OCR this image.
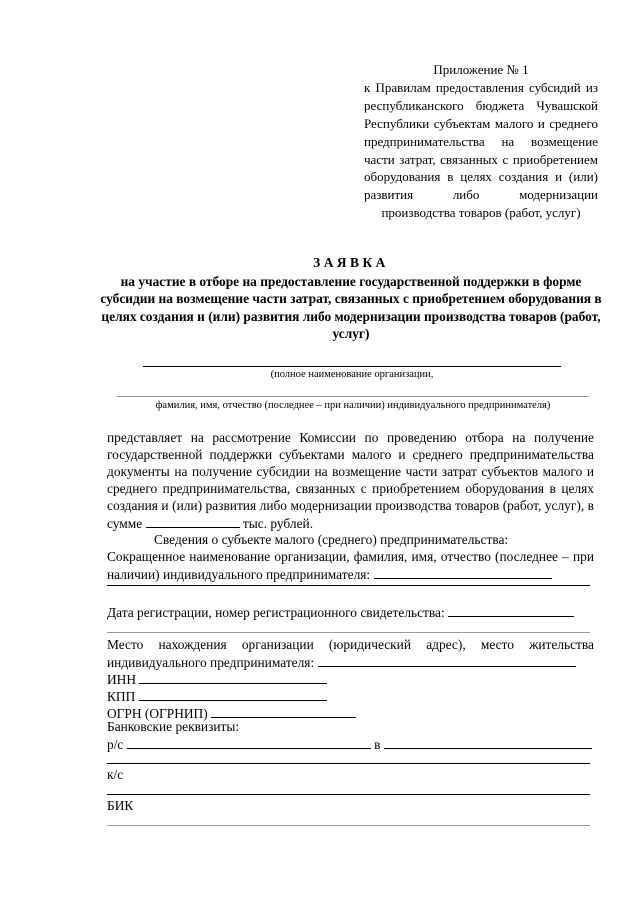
Приложение № 1
к Правилам предоставления субсидий из республиканского бюджета Чувашской Республики субъектам малого и среднего предпринимательства на возмещение части затрат, связанных с приобретением оборудования в целях создания и (или) развития либо модернизации производства товаров (работ, услуг)
ЗАЯВКА
на участие в отборе на предоставление государственной поддержки в форме субсидии на возмещение части затрат, связанных с приобретением оборудования в целях создания и (или) развития либо модернизации производства товаров (работ, услуг)
(полное наименование организации,
фамилия, имя, отчество (последнее – при наличии) индивидуального предпринимателя)
представляет на рассмотрение Комиссии по проведению отбора на получение государственной поддержки субъектами малого и среднего предпринимательства документы на получение субсидии на возмещение части затрат субъектов малого и среднего предпринимательства, связанных с приобретением оборудования в целях создания и (или) развития либо модернизации производства товаров (работ, услуг), в сумме	тыс. рублей.
Сведения о субъекте малого (среднего) предпринимательства:
Сокращенное наименование организации, фамилия, имя, отчество (последнее – при наличии) индивидуального предпринимателя:
Дата регистрации, номер регистрационного свидетельства:
Место нахождения организации (юридический адрес), место жительства индивидуального предпринимателя:
ИНН
КПП
ОГРН (ОГРНИП)
Банковские реквизиты:
р/с	в
к/с
БИК
